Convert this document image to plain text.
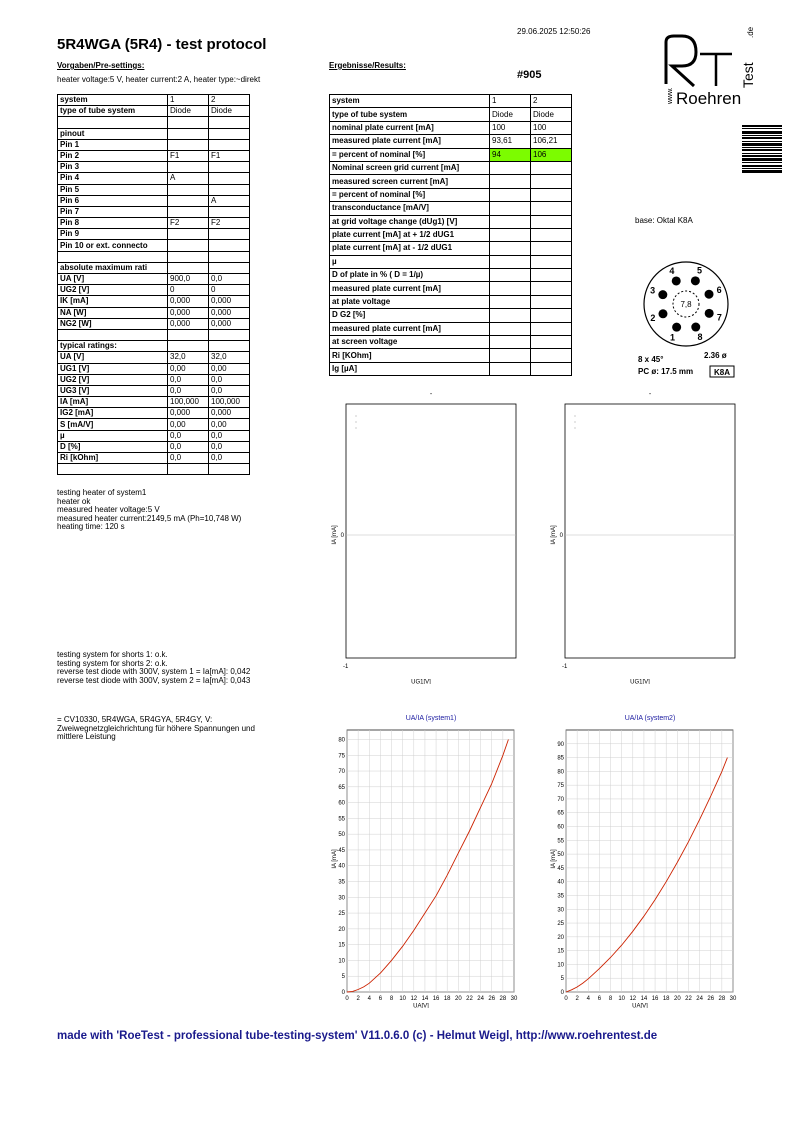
5R4WGA (5R4) - test protocol
29.06.2025 12:50:26
Vorgaben/Pre-settings:	Ergebnisse/Results:
heater voltage:5 V, heater current:2 A, heater type:~direkt	#905
www.
Test
.de
Roehren
system	1	2
type of tube system	Diode	Diode

pinout		
Pin 1		
Pin 2	F1	F1
Pin 3		
Pin 4	A	
Pin 5		
Pin 6		A
Pin 7		
Pin 8	F2	F2
Pin 9		
Pin 10 or ext. connecto		

absolute maximum rati		
UA [V]	900,0	0,0
UG2 [V]	0	0
IK [mA]	0,000	0,000
NA [W]	0,000	0,000
NG2 [W]	0,000	0,000

typical ratings:		
UA [V]	32,0	32,0
UG1 [V]	0,00	0,00
UG2 [V]	0,0	0,0
UG3 [V]	0,0	0,0
IA [mA]	100,000	100,000
IG2 [mA]	0,000	0,000
S [mA/V]	0,00	0,00
µ	0,0	0,0
D [%]	0,0	0,0
Ri [kOhm]	0,0	0,0

system	1	2
type of tube system	Diode	Diode
nominal plate current [mA]	100	100
measured plate current [mA]	93,61	106,21
= percent of nominal [%]	94	106
Nominal screen grid current [mA]		
measured screen current [mA]		
= percent of nominal [%]		
transconductance [mA/V]		
at grid voltage change (dUg1) [V]		
plate current [mA] at + 1/2 dUG1		
plate current [mA] at - 1/2 dUG1		
µ		
D of plate in % ( D = 1/µ)		
measured plate current [mA]		
at plate voltage		
D G2 [%]		
measured plate current [mA]		
at screen voltage		
Ri [KOhm]		
Ig [µA]		
base: Oktal K8A
7,8
1
2
3
4	5
6
7
8
8 x 45°	2.36 ø
PC ø: 17.5 mm	K8A
testing heater of system1
heater ok
measured heater voltage:5 V
measured heater current:2149,5 mA (Ph=10,748 W)
heating time: 120 s
testing system for shorts 1: o.k.
testing system for shorts 2: o.k.
reverse test diode with 300V, system 1 = Ia[mA]: 0,042
reverse test diode with 300V, system 2 = Ia[mA]: 0,043
= CV10330, 5R4WGA, 5R4GYA, 5R4GY, V:
Zweiwegnetzgleichrichtung für höhere Spannungen und
mittlere Leistung
-
IA [mA]
UG1[V]
0
-1
-
IA [mA]
UG1[V]
0
-1
UA/IA (system1)
IA [mA]
UA[V]
0 2 4 6 8 10 12 14 16 18 20 22 24 26 28 30
0
5
10
15
20
25
30
35
40
45
50
55
60
65
70
75
80
UA/IA (system2)
IA [mA]
UA[V]
0 2 4 6 8 10 12 14 16 18 20 22 24 26 28 30
0
5
10
15
20
25
30
35
40
45
50
55
60
65
70
75
80
85
90
made with 'RoeTest - professional tube-testing-system' V11.0.6.0 (c) - Helmut Weigl, http://www.roehrentest.de
